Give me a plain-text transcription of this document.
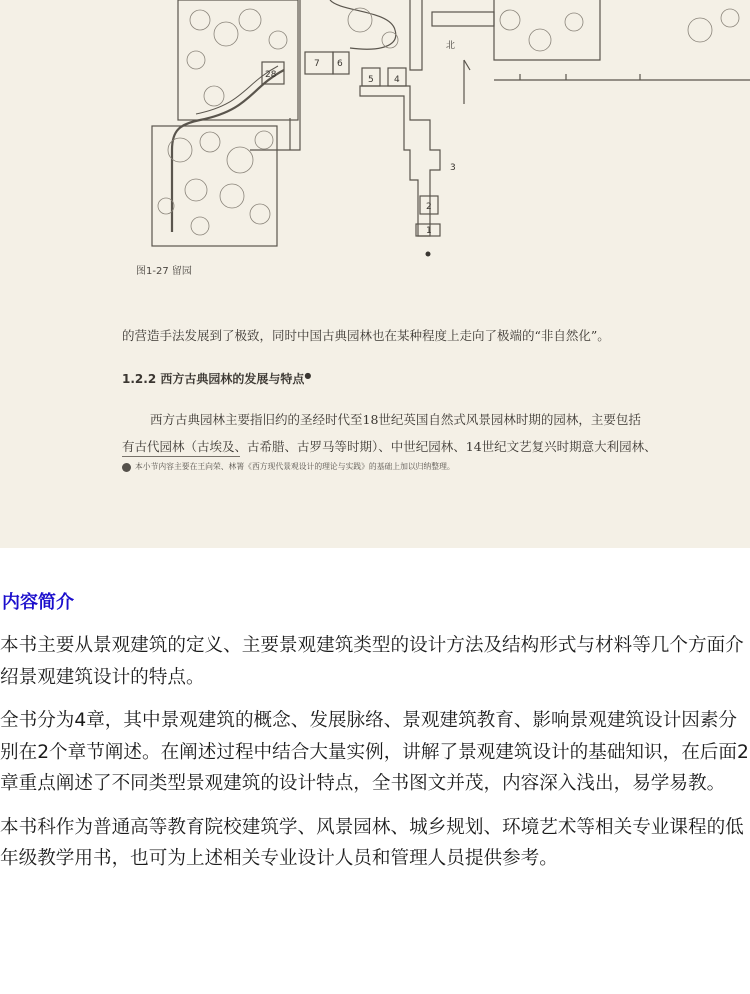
北
7 6
5 4
3
2
1
28
图1-27 留园
的营造手法发展到了极致，同时中国古典园林也在某种程度上走向了极端的“非自然化”。
1.2.2 西方古典园林的发展与特点●
西方古典园林主要指旧约的圣经时代至18世纪英国自然式风景园林时期的园林，主要包括
有古代园林（古埃及、古希腊、古罗马等时期）、中世纪园林、14世纪文艺复兴时期意大利园林、
本小节内容主要在王向荣、林箐《西方现代景观设计的理论与实践》的基础上加以归纳整理。
内容简介

本书主要从景观建筑的定义、主要景观建筑类型的设计方法及结构形式与材料等几个方面介绍景观建筑设计的特点。

全书分为4章，其中景观建筑的概念、发展脉络、景观建筑教育、影响景观建筑设计因素分别在2个章节阐述。在阐述过程中结合大量实例，讲解了景观建筑设计的基础知识，在后面2章重点阐述了不同类型景观建筑的设计特点，全书图文并茂，内容深入浅出，易学易教。

本书科作为普通高等教育院校建筑学、风景园林、城乡规划、环境艺术等相关专业课程的低年级教学用书，也可为上述相关专业设计人员和管理人员提供参考。
